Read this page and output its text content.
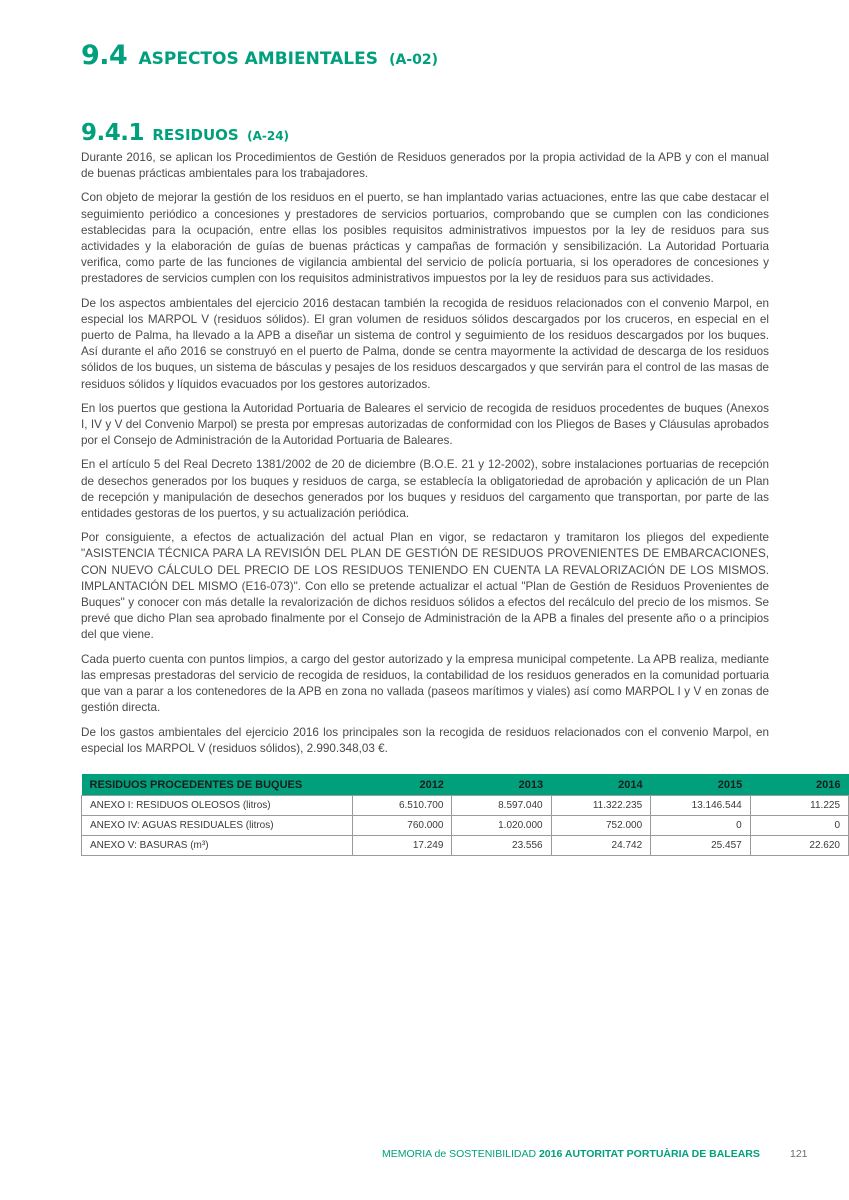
9.4 ASPECTOS AMBIENTALES (A-02)
9.4.1 RESIDUOS (A-24)

Durante 2016, se aplican los Procedimientos de Gestión de Residuos generados por la propia actividad de la APB y con el manual de buenas prácticas ambientales para los trabajadores.

Con objeto de mejorar la gestión de los residuos en el puerto, se han implantado varias actuaciones, entre las que cabe destacar el seguimiento periódico a concesiones y prestadores de servicios portuarios, comprobando que se cumplen con las condiciones establecidas para la ocupación, entre ellas los posibles requisitos administrativos impuestos por la ley de residuos para sus actividades y la elaboración de guías de buenas prácticas y campañas de formación y sensibilización. La Autoridad Portuaria verifica, como parte de las funciones de vigilancia ambiental del servicio de policía portuaria, si los operadores de concesiones y prestadores de servicios cumplen con los requisitos administrativos impuestos por la ley de residuos para sus actividades.

De los aspectos ambientales del ejercicio 2016 destacan también la recogida de residuos relacionados con el convenio Marpol, en especial los MARPOL V (residuos sólidos). El gran volumen de residuos sólidos descargados por los cruceros, en especial en el puerto de Palma, ha llevado a la APB a diseñar un sistema de control y seguimiento de los residuos descargados por los buques. Así durante el año 2016 se construyó en el puerto de Palma, donde se centra mayormente la actividad de descarga de los residuos sólidos de los buques, un sistema de básculas y pesajes de los residuos descargados y que servirán para el control de las masas de residuos sólidos y líquidos evacuados por los gestores autorizados.

En los puertos que gestiona la Autoridad Portuaria de Baleares el servicio de recogida de residuos procedentes de buques (Anexos I, IV y V del Convenio Marpol) se presta por empresas autorizadas de conformidad con los Pliegos de Bases y Cláusulas aprobados por el Consejo de Administración de la Autoridad Portuaria de Baleares.

En el artículo 5 del Real Decreto 1381/2002 de 20 de diciembre (B.O.E. 21 y 12-2002), sobre instalaciones portuarias de recepción de desechos generados por los buques y residuos de carga, se establecía la obligatoriedad de aprobación y aplicación de un Plan de recepción y manipulación de desechos generados por los buques y residuos del cargamento que transportan, por parte de las entidades gestoras de los puertos, y su actualización periódica.

Por consiguiente, a efectos de actualización del actual Plan en vigor, se redactaron y tramitaron los pliegos del expediente "ASISTENCIA TÉCNICA PARA LA REVISIÓN DEL PLAN DE GESTIÓN DE RESIDUOS PROVENIENTES DE EMBARCACIONES, CON NUEVO CÁLCULO DEL PRECIO DE LOS RESIDUOS TENIENDO EN CUENTA LA REVALORIZACIÓN DE LOS MISMOS. IMPLANTACIÓN DEL MISMO (E16-073)". Con ello se pretende actualizar el actual "Plan de Gestión de Residuos Provenientes de Buques" y conocer con más detalle la revalorización de dichos residuos sólidos a efectos del recálculo del precio de los mismos. Se prevé que dicho Plan sea aprobado finalmente por el Consejo de Administración de la APB a finales del presente año o a principios del que viene.

Cada puerto cuenta con puntos limpios, a cargo del gestor autorizado y la empresa municipal competente. La APB realiza, mediante las empresas prestadoras del servicio de recogida de residuos, la contabilidad de los residuos generados en la comunidad portuaria que van a parar a los contenedores de la APB en zona no vallada (paseos marítimos y viales) así como MARPOL I y V en zonas de gestión directa.

De los gastos ambientales del ejercicio 2016 los principales son la recogida de residuos relacionados con el convenio Marpol, en especial los MARPOL V (residuos sólidos), 2.990.348,03 €.

RESIDUOS PROCEDENTES DE BUQUES	2012	2013	2014	2015	2016
ANEXO I: RESIDUOS OLEOSOS (litros)	6.510.700	8.597.040	11.322.235	13.146.544	11.225
ANEXO IV: AGUAS RESIDUALES (litros)	760.000	1.020.000	752.000	0	0
ANEXO V: BASURAS (m³)	17.249	23.556	24.742	25.457	22.620
MEMORIA de SOSTENIBILIDAD 2016 AUTORITAT PORTUÀRIA DE BALEARS	121
